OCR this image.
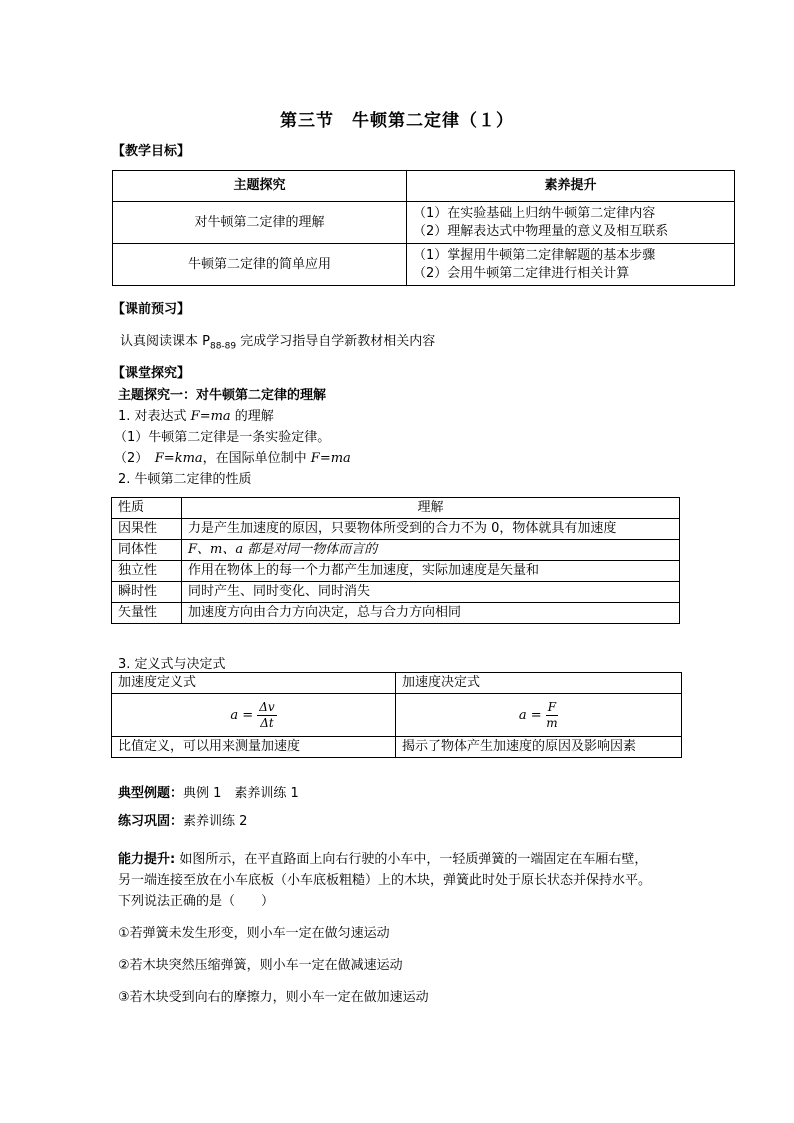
第三节　牛顿第二定律（１）
【教学目标】
主题探究	素养提升
对牛顿第二定律的理解	（1）在实验基础上归纳牛顿第二定律内容
（2）理解表达式中物理量的意义及相互联系

牛顿第二定律的简单应用	（1）掌握用牛顿第二定律解题的基本步骤
（2）会用牛顿第二定律进行相关计算
【课前预习】
认真阅读课本 $P_{88-89}$ 完成学习指导自学新教材相关内容
【课堂探究】
主题探究一：对牛顿第二定律的理解
1. 对表达式 F=ma 的理解
（1）牛顿第二定律是一条实验定律。
（2）　F=kma，在国际单位制中 F=ma
2. 牛顿第二定律的性质
性质	理解
因果性	力是产生加速度的原因，只要物体所受到的合力不为 0，物体就具有加速度
同体性	F、m、a 都是对同一物体而言的
独立性	作用在物体上的每一个力都产生加速度，实际加速度是矢量和
瞬时性	同时产生、同时变化、同时消失
矢量性	加速度方向由合力方向决定，总与合力方向相同
3. 定义式与决定式
加速度定义式	加速度决定式
$a = \frac{\Delta v}{\Delta t}$	$a = \frac{F}{m}$

比值定义，可以用来测量加速度	揭示了物体产生加速度的原因及影响因素
典型例题：典例 1　素养训练 1
练习巩固：素养训练 2
能力提升: 如图所示，在平直路面上向右行驶的小车中，一轻质弹簧的一端固定在车厢右壁，
另一端连接至放在小车底板（小车底板粗糙）上的木块，弹簧此时处于原长状态并保持水平。
下列说法正确的是（　　）
①若弹簧未发生形变，则小车一定在做匀速运动
②若木块突然压缩弹簧，则小车一定在做减速运动
③若木块受到向右的摩擦力，则小车一定在做加速运动
